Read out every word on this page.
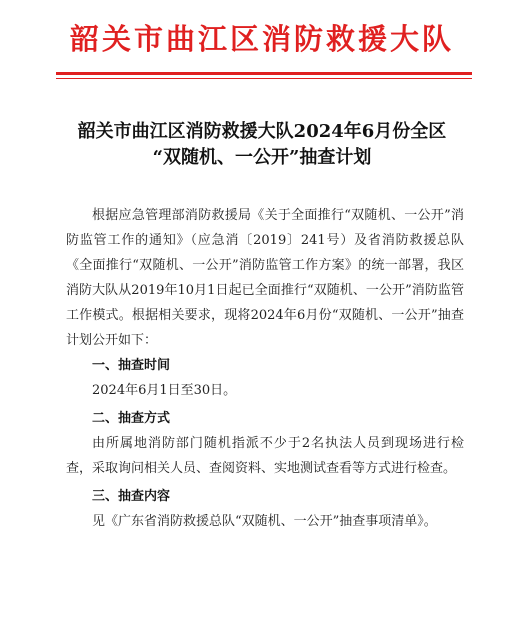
韶关市曲江区消防救援大队
韶关市曲江区消防救援大队2024年6月份全区
“双随机、一公开”抽查计划

根据应急管理部消防救援局《关于全面推行“双随机、一公开”消防监管工作的通知》（应急消〔2019〕241号）及省消防救援总队《全面推行“双随机、一公开”消防监管工作方案》的统一部署，我区消防大队从2019年10月1日起已全面推行“双随机、一公开”消防监管工作模式。根据相关要求，现将2024年6月份“双随机、一公开”抽查计划公开如下：

一、抽查时间

2024年6月1日至30日。

二、抽查方式

由所属地消防部门随机指派不少于2名执法人员到现场进行检查，采取询问相关人员、查阅资料、实地测试查看等方式进行检查。

三、抽查内容

见《广东省消防救援总队“双随机、一公开”抽查事项清单》。
